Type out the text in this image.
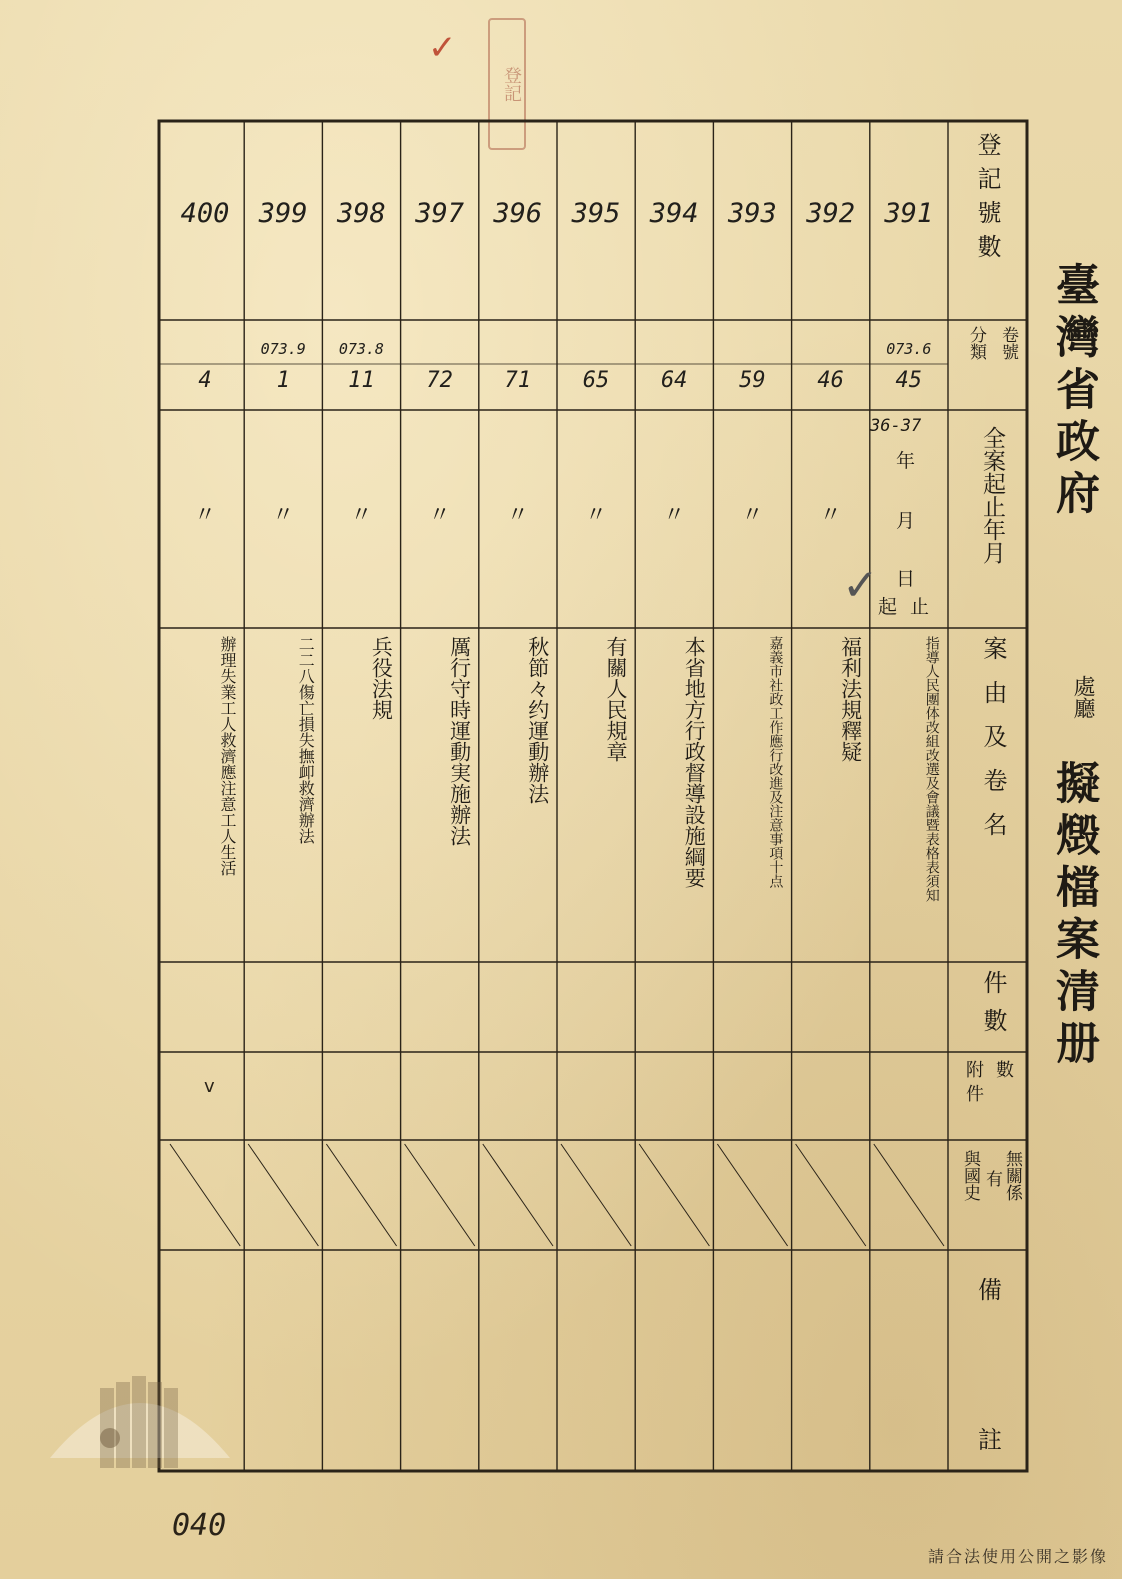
登記
✓
臺灣省政府
處廳
擬燬檔案清册
登記號數
卷號
分類
全案起止年月
案由及卷名
件數
數
附件
無關係
有
與國史
備
註
36-37
年
月
日
起 止
391
073.6
45
指導人民團体改組改選及會議暨表格表須知
392
46
〃
福利法規釋疑
393
59
〃
嘉義市社政工作應行改進及注意事項十点
394
64
〃
本省地方行政督導設施綱要
395
65
〃
有關人民規章
396
71
〃
秋節々约運動辦法
397
72
〃
厲行守時運動実施辦法
398
073.8
11
〃
兵役法規
399
073.9
1
〃
二二八傷亡損失撫卹救濟辦法
400
4
〃
辦理失業工人救濟應注意工人生活
v
✓
040
請合法使用公開之影像
